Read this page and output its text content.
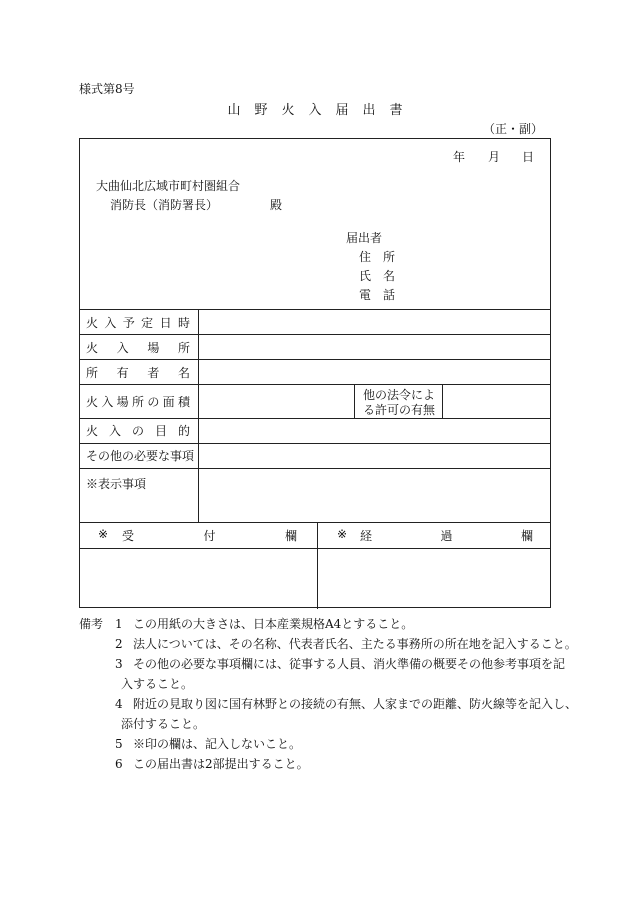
様式第8号
山野火入届出書
（正・副）
年 月 日
大曲仙北広域市町村圏組合
消防長（消防署長）	殿
届出者
住所
氏名
電話
火 入 予 定 日 時
火 入 場 所
所 有 者 名
火 入 場 所 の 面 積	他の法令によ
る許可の有無
火 入 の 目 的
その他の必要な事項
※表示事項
※ 受	付	欄	※ 経	過	欄
備考 1 この用紙の大きさは、日本産業規格A4とすること。
2 法人については、その名称、代表者氏名、主たる事務所の所在地を記入すること。
3 その他の必要な事項欄には、従事する人員、消火準備の概要その他参考事項を記
入すること。
4 附近の見取り図に国有林野との接続の有無、人家までの距離、防火線等を記入し、
添付すること。
5 ※印の欄は、記入しないこと。
6 この届出書は2部提出すること。
